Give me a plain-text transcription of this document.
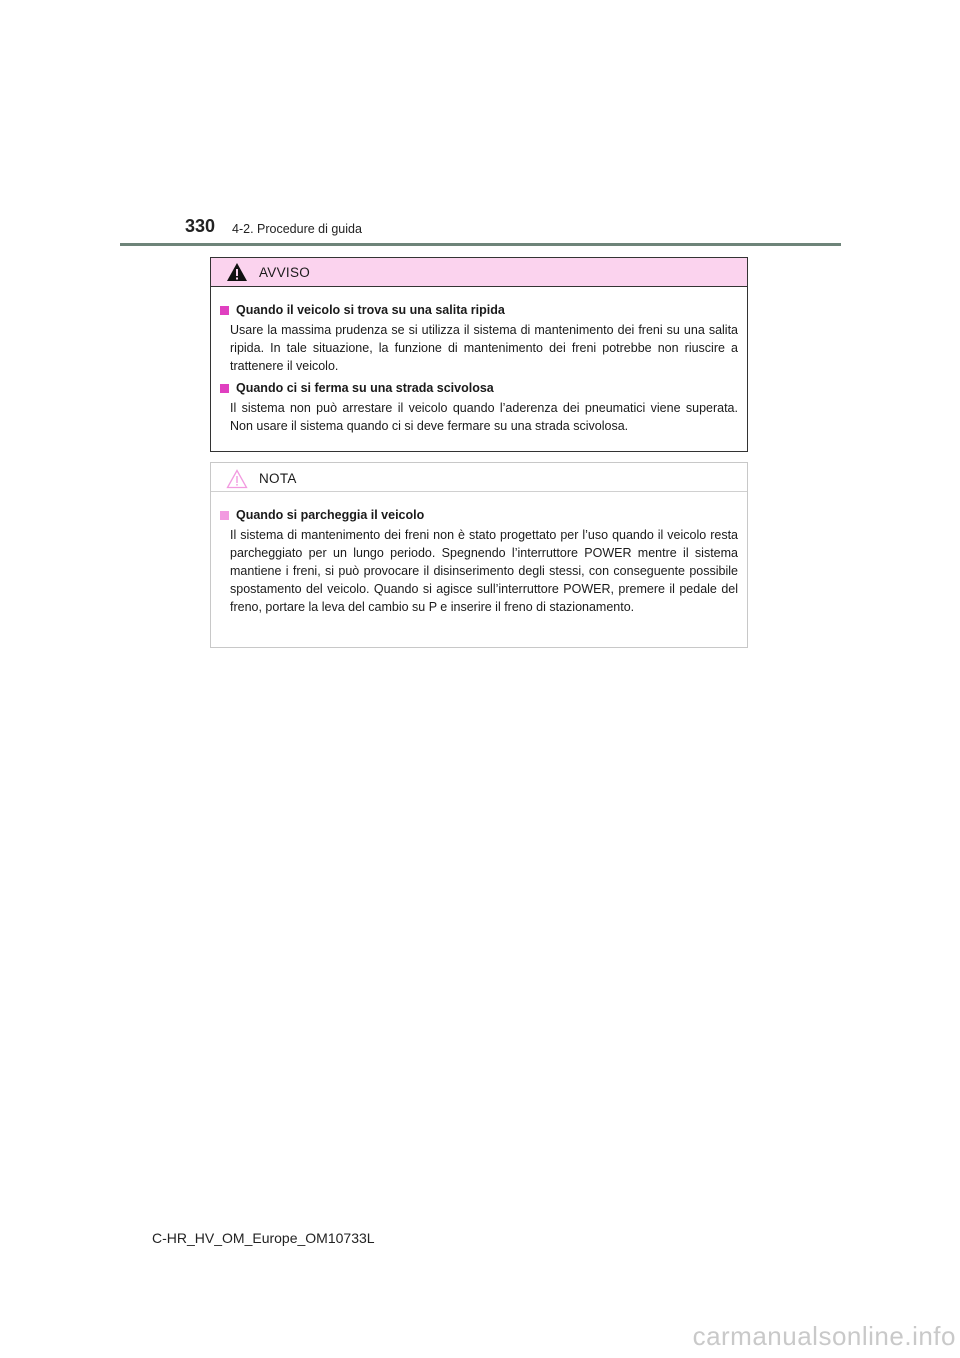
330 4-2. Procedure di guida
AVVISO
Quando il veicolo si trova su una salita ripida

Usare la massima prudenza se si utilizza il sistema di mantenimento dei freni su una salita ripida. In tale situazione, la funzione di mantenimento dei freni potrebbe non riuscire a trattenere il veicolo.

Quando ci si ferma su una strada scivolosa

Il sistema non può arrestare il veicolo quando l’aderenza dei pneumatici viene superata. Non usare il sistema quando ci si deve fermare su una strada scivolosa.

NOTA
Quando si parcheggia il veicolo

Il sistema di mantenimento dei freni non è stato progettato per l’uso quando il veicolo resta parcheggiato per un lungo periodo. Spegnendo l’interruttore POWER mentre il sistema mantiene i freni, si può provocare il disinserimento degli stessi, con conseguente possibile spostamento del veicolo. Quando si agisce sull’interruttore POWER, premere il pedale del freno, portare la leva del cambio su P e inserire il freno di stazionamento.

C-HR_HV_OM_Europe_OM10733L
carmanualsonline.info
